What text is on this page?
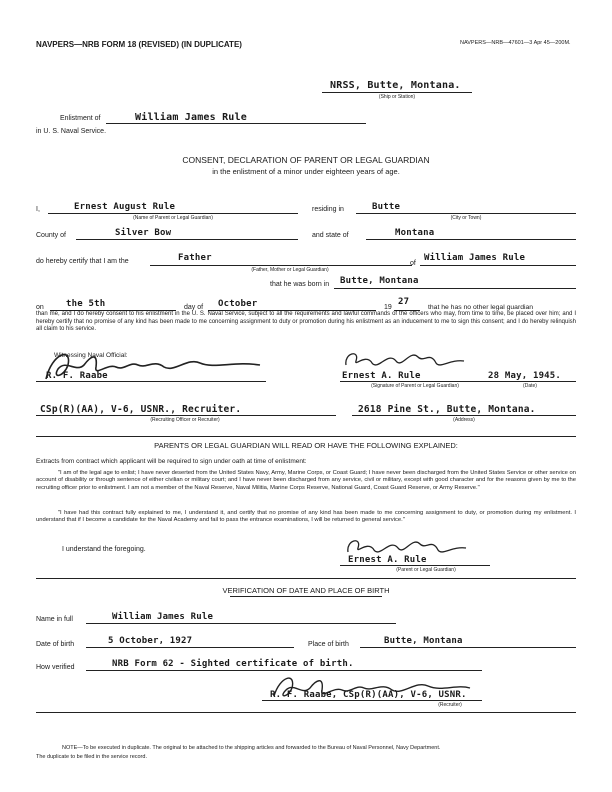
NAVPERS—NRB FORM 18 (REVISED) (IN DUPLICATE)	NAVPERS—NRB—47601—3 Apr 45—200M.
NRSS, Butte, Montana.
(Ship or Station)
Enlistment of	William James Rule
in U. S. Naval Service.
CONSENT, DECLARATION OF PARENT OR LEGAL GUARDIAN
in the enlistment of a minor under eighteen years of age.
I,	Ernest August Rule
(Name of Parent or Legal Guardian)
residing in	Butte
(City or Town)
County of	Silver Bow	and state of	Montana
do hereby certify that I am the	Father
(Father, Mother or Legal Guardian)
of
William James Rule
that he was born in Butte, Montana
on the 5th	day of October	19
27
that he has no other legal guardian
than me, and I do hereby consent to his enlistment in the U. S. Naval Service, subject to all the requirements and lawful commands of the officers who may, from time to time, be placed over him; and I hereby certify that no promise of any kind has been made to me concerning assignment to duty or promotion during his enlistment as an inducement to me to sign this consent; and I do hereby relinquish all claim to his service.
Witnessing Naval Official:
R. F. Raabe	Ernest A. Rule	28 May, 1945.
(Signature of Parent or Legal Guardian)	(Date)
CSp(R)(AA), V-6, USNR., Recruiter.
(Recruiting Officer or Recruiter)
2618 Pine St., Butte, Montana.
(Address)
PARENTS OR LEGAL GUARDIAN WILL READ OR HAVE THE FOLLOWING EXPLAINED:
Extracts from contract which applicant will be required to sign under oath at time of enlistment:
"I am of the legal age to enlist; I have never deserted from the United States Navy, Army, Marine Corps, or Coast Guard; I have never been discharged from the United States Service or other service on account of disability or through sentence of either civilian or military court; and I have never been discharged from any service, civil or military, except with good character and for the reasons given by me to the recruiting officer prior to enlistment. I am not a member of the Naval Reserve, Naval Militia, Marine Corps Reserve, National Guard, Coast Guard Reserve, or Army Reserve."
"I have had this contract fully explained to me, I understand it, and certify that no promise of any kind has been made to me concerning assignment to duty, or promotion during my enlistment. I understand that if I become a candidate for the Naval Academy and fail to pass the entrance examinations, I will be returned to general service."
I understand the foregoing.
Ernest A. Rule
(Parent or Legal Guardian)
VERIFICATION OF DATE AND PLACE OF BIRTH
Name in full	William James Rule
Date of birth	5 October, 1927	Place of birth	Butte, Montana
How verified	NRB Form 62 - Sighted certificate of birth.
R. F. Raabe, CSp(R)(AA), V-6, USNR.
(Recruiter)
NOTE—To be executed in duplicate. The original to be attached to the shipping articles and forwarded to the Bureau of Naval Personnel, Navy Department.
The duplicate to be filed in the service record.
